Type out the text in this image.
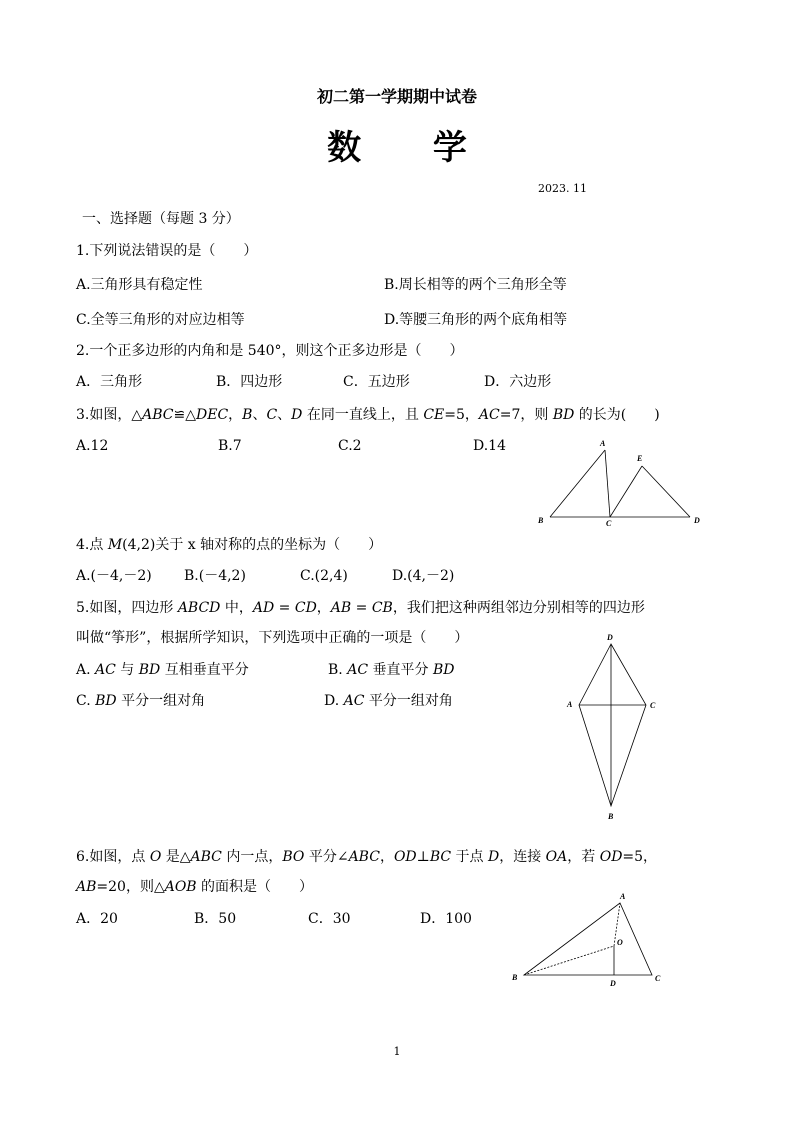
初二第一学期期中试卷
数 学
2023. 11
一、选择题（每题 3 分）
1.下列说法错误的是（　　）
A.三角形具有稳定性	B.周长相等的两个三角形全等
C.全等三角形的对应边相等	D.等腰三角形的两个底角相等
2.一个正多边形的内角和是 540°，则这个正多边形是（　　）
A．三角形	B．四边形	C．五边形	D．六边形
3.如图，△ABC≌△DEC，B、C、D 在同一直线上，且 CE=5，AC=7，则 BD 的长为(　　)
A.12	B.7	C.2	D.14	A
E
B	C	D
4.点 M(4,2)关于 x 轴对称的点的坐标为（　　）
A.(－4,－2) B.(－4,2)	C.(2,4)	D.(4,－2)
5.如图，四边形 ABCD 中，AD = CD，AB = CB，我们把这种两组邻边分别相等的四边形
叫做“筝形”，根据所学知识，下列选项中正确的一项是（　　）
A. AC 与 BD 互相垂直平分	B. AC 垂直平分 BD
C. BD 平分一组对角	D. AC 平分一组对角
D
A	C
B
6.如图，点 O 是△ABC 内一点，BO 平分∠ABC，OD⊥BC 于点 D，连接 OA，若 OD=5，
AB=20，则△AOB 的面积是（　　）
A．20	B．50	C．30	D．100
A
O
B
D
C
1
